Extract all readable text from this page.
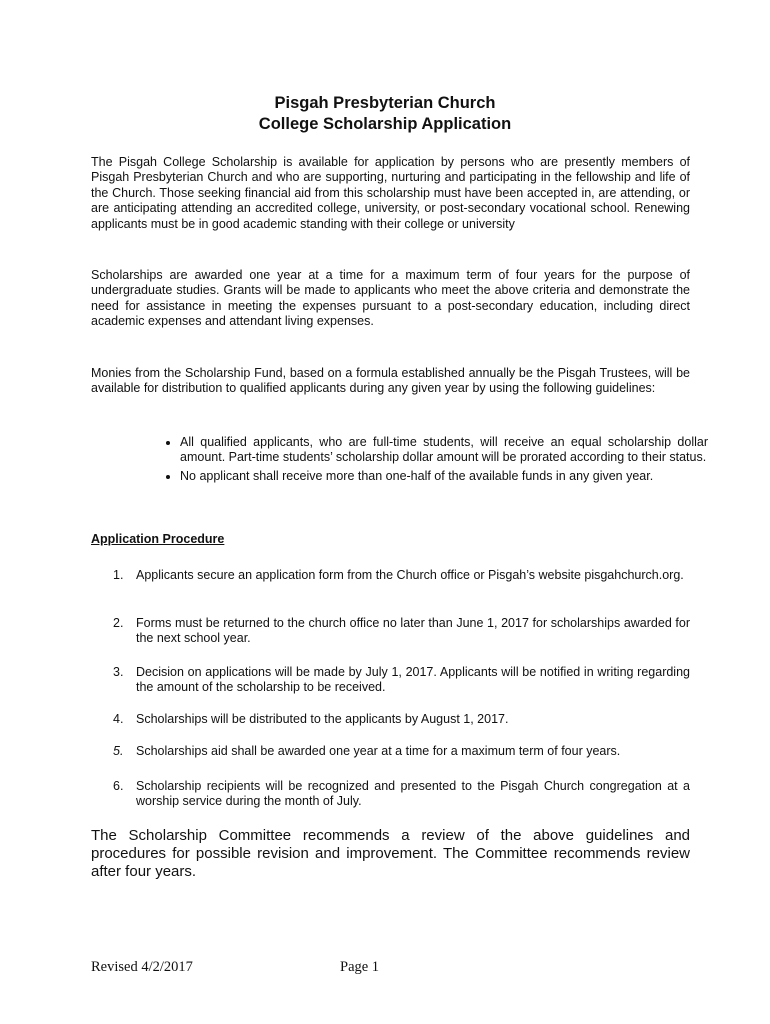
Pisgah Presbyterian Church
College Scholarship Application
The Pisgah College Scholarship is available for application by persons who are presently members of Pisgah Presbyterian Church and who are supporting, nurturing and participating in the fellowship and life of the Church. Those seeking financial aid from this scholarship must have been accepted in, are attending, or are anticipating attending an accredited college, university, or post-secondary vocational school. Renewing applicants must be in good academic standing with their college or university
Scholarships are awarded one year at a time for a maximum term of four years for the purpose of undergraduate studies. Grants will be made to applicants who meet the above criteria and demonstrate the need for assistance in meeting the expenses pursuant to a post-secondary education, including direct academic expenses and attendant living expenses.
Monies from the Scholarship Fund, based on a formula established annually be the Pisgah Trustees, will be available for distribution to qualified applicants during any given year by using the following guidelines:
• All qualified applicants, who are full-time students, will receive an equal scholarship dollar amount. Part-time students’ scholarship dollar amount will be prorated according to their status.
• No applicant shall receive more than one-half of the available funds in any given year.
Application Procedure
1. Applicants secure an application form from the Church office or Pisgah’s website pisgahchurch.org.
2. Forms must be returned to the church office no later than June 1, 2017 for scholarships awarded for the next school year.
3. Decision on applications will be made by July 1, 2017. Applicants will be notified in writing regarding the amount of the scholarship to be received.
4. Scholarships will be distributed to the applicants by August 1, 2017.
5. Scholarships aid shall be awarded one year at a time for a maximum term of four years.
6. Scholarship recipients will be recognized and presented to the Pisgah Church congregation at a worship service during the month of July.
The Scholarship Committee recommends a review of the above guidelines and procedures for possible revision and improvement. The Committee recommends review after four years.
Revised 4/2/2017	Page 1
